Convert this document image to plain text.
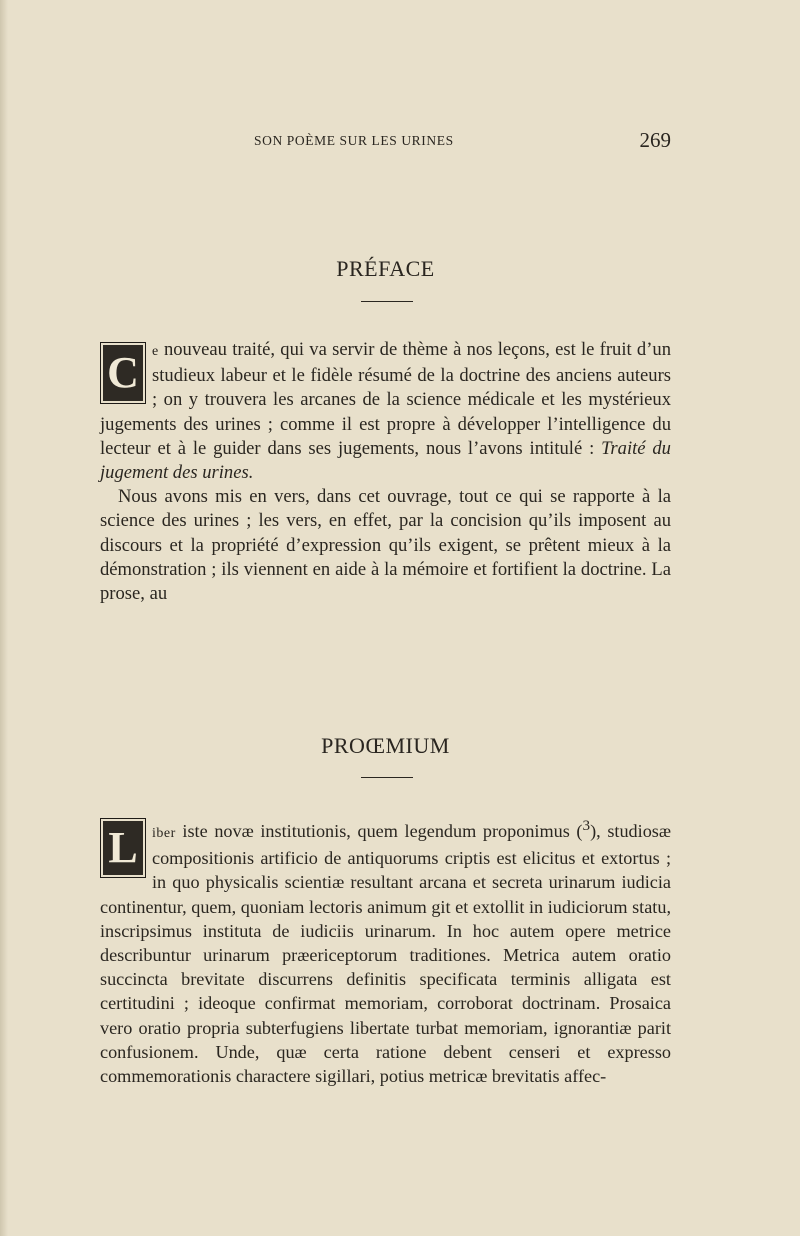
SON POÈME SUR LES URINES	269
PRÉFACE

C e nouveau traité, qui va servir de thème à nos leçons, est le fruit d’un studieux labeur et le fidèle résumé de la doctrine des anciens auteurs ; on y trouvera les arcanes de la science médicale et les mystérieux jugements des urines ; comme il est propre à développer l’intelligence du lecteur et à le guider dans ses jugements, nous l’avons intitulé : Traité du jugement des urines.

Nous avons mis en vers, dans cet ouvrage, tout ce qui se rapporte à la science des urines ; les vers, en effet, par la concision qu’ils imposent au discours et la propriété d’expression qu’ils exigent, se prêtent mieux à la démonstration ; ils viennent en aide à la mémoire et fortifient la doctrine. La prose, au

PROŒMIUM

L	iber iste novæ institutionis, quem legendum proponimus ($^3$), studiosæ compositionis artificio de antiquorums criptis est elicitus et extortus ; in quo physicalis scientiæ resultant arcana et secreta urinarum iudicia continentur, quem, quoniam lectoris animum git et extollit in iudiciorum statu, inscripsimus instituta de iudiciis urinarum. In hoc autem opere metrice describuntur urinarum præericeptorum traditiones. Metrica autem oratio succincta brevitate discurrens definitis specificata terminis alligata est certitudini ; ideoque confirmat memoriam, corroborat doctrinam. Prosaica vero oratio propria subterfugiens libertate turbat memoriam, ignorantiæ parit confusionem. Unde, quæ certa ratione debent censeri et expresso commemorationis charactere sigillari, potius metricæ brevitatis affec-
